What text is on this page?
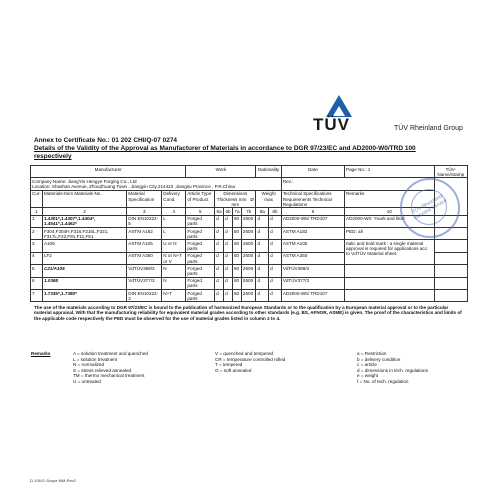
TÜV	TÜV Rheinland Group
Annex to Certificate No.: 01 202 CHI/Q-07 0274
Details of the Validity of the Approval as Manufacturer of Materials in accordance to DGR 97/23/EC and AD2000-W0/TRD 100 respectively
Manufacturer				Work					Nationality		Date	Page No.: 1	TÜV-Name/Stamp

Company Name: JiangYin Hengye Forging Co., Ltd
Location: Shashan Avenue, ZhouZhuang Town , Jiangyin City,214423 ,Jiangsu Province , P.R.China											Rev.:		
Cur-	Materials-Item Materials-No.	Material Specification	Delivery Cond.	Article Type of Product	Dimensions
Thickness mm Ø mm				Weight max		Technical Specifications Requirements Technical Regulations	Remarks	
1	2	3	4	5	6a	6b	7a	7b	8a	8b	9	10	
1	1.4301*,1.4307*,1.4404*, 1.4541*,1.4462*	DIN EN10222-5	L	Forged parts	d	d	50	2600	d	d	AD2000-W5/ TRD107	AD2000-W0: *mark and blod	
2	F304,F304H,F316,F316L,F321, F317L,F22,F91,F11,F51	ASTM A182	L	Forged parts	d	d	50	2600	d	d	ASTM A182	PED: all	
3	A105	ASTM A105	U or N	Forged parts	d	d	50	2600	d	d	ASTM A105	Italic and bold mark : a single material approval is required for applications acc. to VdTÜV Material sheet.	
4	LF2	ASTM A350	N or N+T or V	Forged parts	d	d	50	2600	d	d	ASTM A350		
5	C21/A105	VdTÜV399/3	N	Forged parts	d	d	50	2600	d	d	VdTÜV399/3		
6	1.0368	VdTÜV377/3	N	Forged parts	d	d	50	2600	d	d	VdTÜV377/3		
7	1.7335*,1.7380*	DIN EN10222-2	N+T	Forged parts	d	d	50	2600	d	d	AD2000-W5/ TRD107		
TÜV Rheinland Industrie Service
The use of the materials according to DGR 97/23/EC is bound to the publication of harmonized European Standards or to the qualification by a European material approval or to the particular material appraisal. With that the manufacturing reliability for equivalent material grades according to other standards (e.g. BS, AFNOR, ASME) is given. The proof of the characteristics and limits of the applicable code respectively the PED must be observed for the use of material grades listed in column 2 to 4.
Remarks	A = solution treatment and quenched
L = solution treatment
N = normalized
S = stress relieved annealed
TM = thermo mechanical treatment
U = untreated

V = quenched and tempered
CR = temperature controlled rolled
T = tempered
G = soft annealed

a = Restriction
b = delivery condition
c = article
d = dimensions in tech. regulations
e = weight
f = No. of tech. regulation
D-109-E-Scope MM-Rev2
